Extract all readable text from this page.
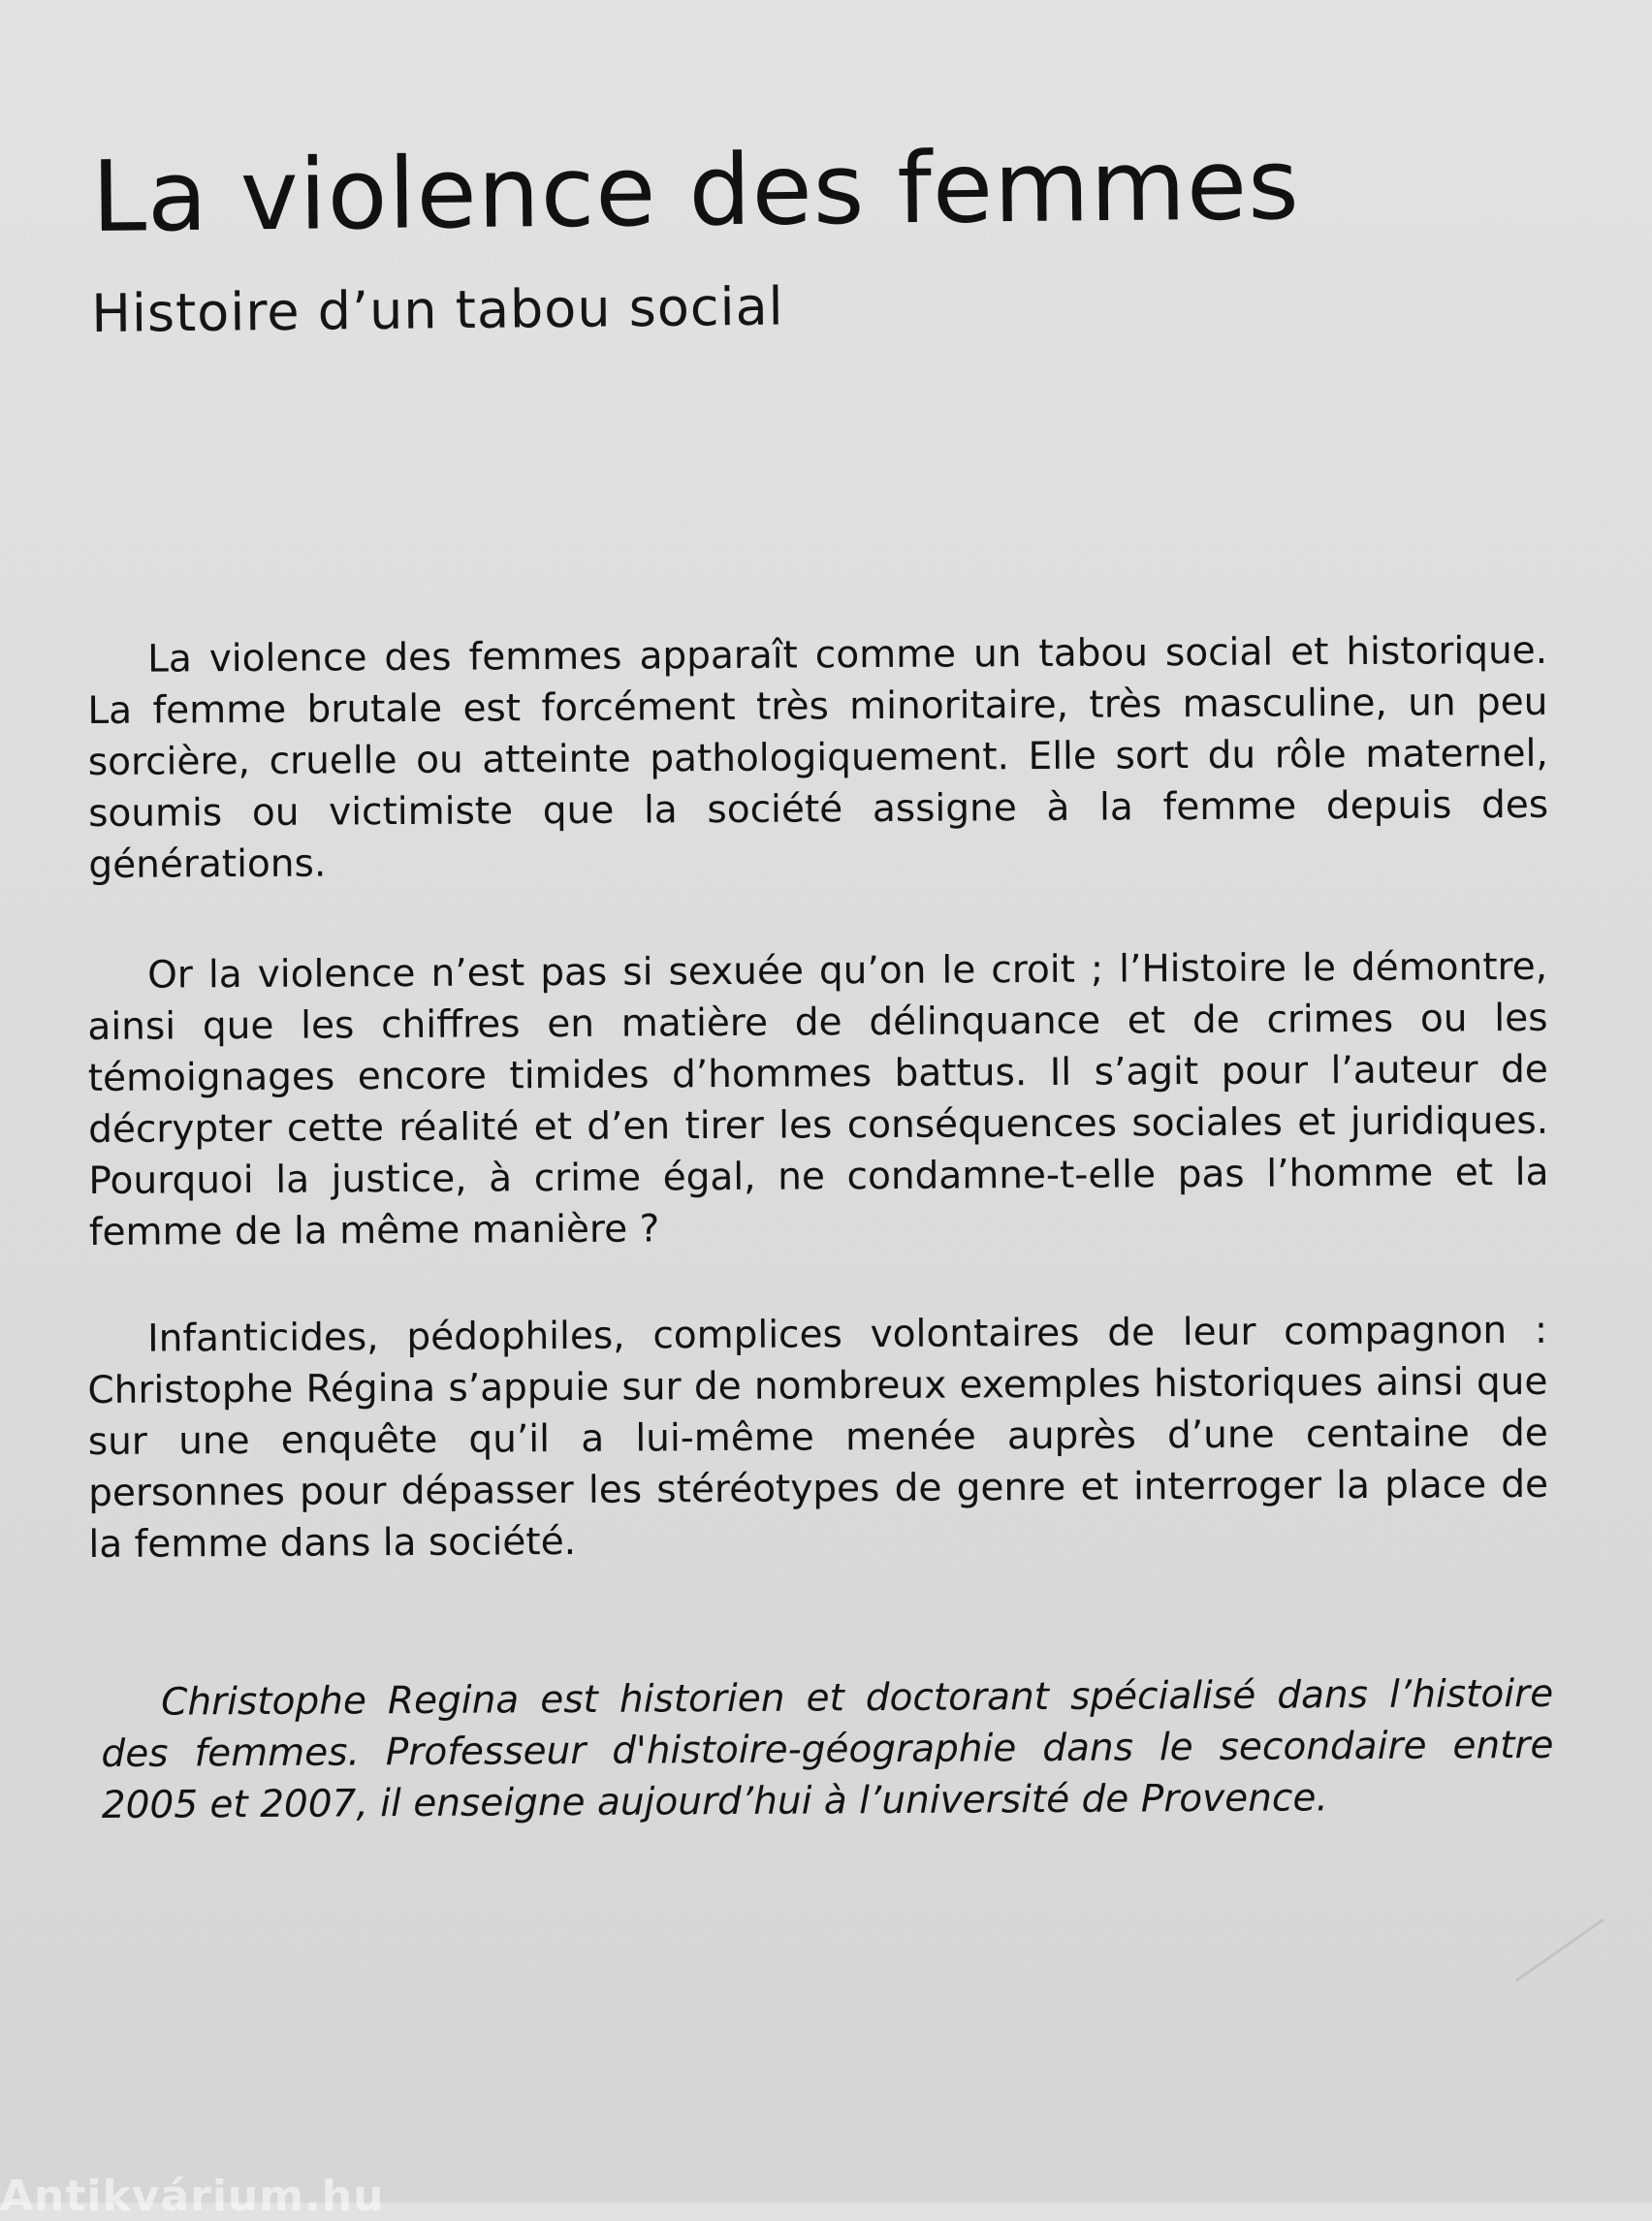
La violence des femmes
Histoire d’un tabou social

La violence des femmes apparaît comme un tabou social et historique. La femme brutale est forcément très minoritaire, très masculine, un peu sorcière, cruelle ou atteinte pathologiquement. Elle sort du rôle maternel, soumis ou victimiste que la société assigne à la femme depuis des générations.

Or la violence n’est pas si sexuée qu’on le croit ; l’Histoire le démontre, ainsi que les chiffres en matière de délinquance et de crimes ou les témoignages encore timides d’hommes battus. Il s’agit pour l’auteur de décrypter cette réalité et d’en tirer les conséquences sociales et juridiques. Pourquoi la justice, à crime égal, ne condamne-t-elle pas l’homme et la femme de la même manière ?

Infanticides, pédophiles, complices volontaires de leur compagnon : Christophe Régina s’appuie sur de nombreux exemples historiques ainsi que sur une enquête qu’il a lui-même menée auprès d’une centaine de personnes pour dépasser les stéréotypes de genre et interroger la place de la femme dans la société.

Christophe Regina est historien et doctorant spécialisé dans l’histoire des femmes. Professeur d'histoire-géographie dans le secondaire entre 2005 et 2007, il enseigne aujourd’hui à l’université de Provence.

Antikvárium.hu
